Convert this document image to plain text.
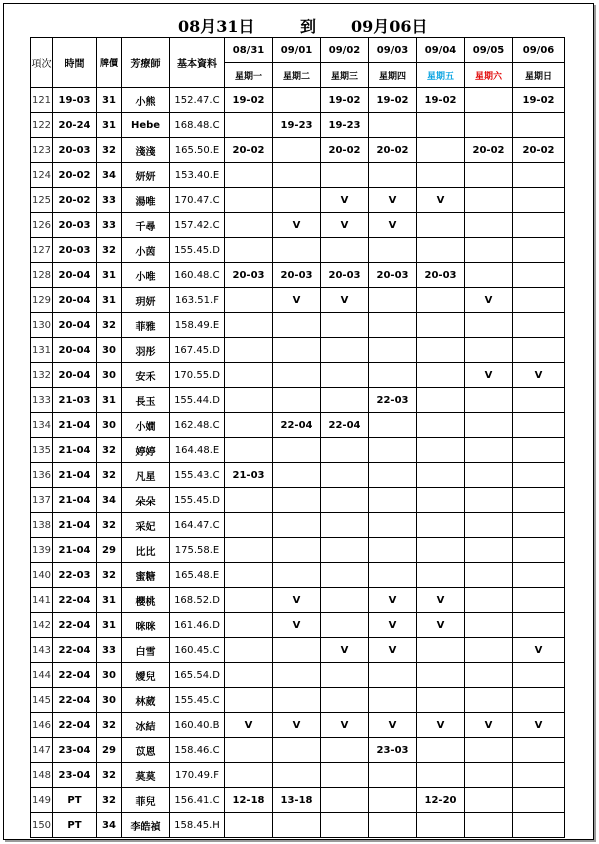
08月31日	到 09月06日
項次	時間	牌價	芳療師	基本資料	08/31	09/01	09/02	09/03	09/04	09/05	09/06
					星期一	星期二	星期三	星期四	星期五	星期六	星期日
121	19-03	31	小熊	152.47.C	19-02		19-02	19-02	19-02		19-02
122	20-24	31	Hebe	168.48.C		19-23	19-23				
123	20-03	32	淺淺	165.50.E	20-02		20-02	20-02		20-02	20-02
124	20-02	34	妍妍	153.40.E							
125	20-02	33	湯唯	170.47.C			V	V	V		
126	20-03	33	千尋	157.42.C		V	V	V			
127	20-03	32	小茵	155.45.D							
128	20-04	31	小唯	160.48.C	20-03	20-03	20-03	20-03	20-03		
129	20-04	31	玥妍	163.51.F		V	V			V	
130	20-04	32	菲雅	158.49.E							
131	20-04	30	羽彤	167.45.D							
132	20-04	30	安禾	170.55.D						V	V
133	21-03	31	長玉	155.44.D				22-03			
134	21-04	30	小嫺	162.48.C		22-04	22-04				
135	21-04	32	婷婷	164.48.E							
136	21-04	32	凡星	155.43.C	21-03						
137	21-04	34	朵朵	155.45.D							
138	21-04	32	采妃	164.47.C							
139	21-04	29	比比	175.58.E							
140	22-03	32	蜜糖	165.48.E							
141	22-04	31	櫻桃	168.52.D		V		V	V		
142	22-04	31	咪咪	161.46.D		V		V	V		
143	22-04	33	白雪	160.45.C			V	V			V
144	22-04	30	嬡兒	165.54.D							
145	22-04	30	林葳	155.45.C							
146	22-04	32	冰結	160.40.B	V	V	V	V	V	V	V
147	23-04	29	苡恩	158.46.C				23-03			
148	23-04	32	莫莫	170.49.F							
149	PT	32	菲兒	156.41.C	12-18	13-18			12-20		
150	PT	34	李皓禎	158.45.H							
